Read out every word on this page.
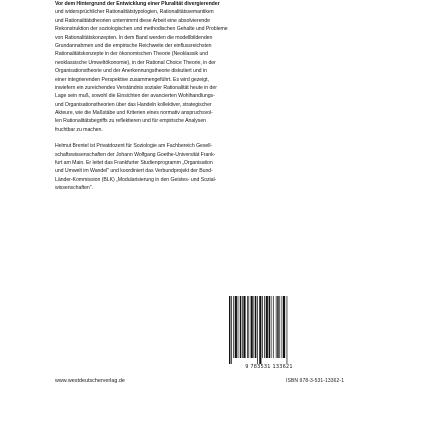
Vor dem Hintergrund der Entwicklung einer Pluralität divergierender
und widersprüchlicher Rationalitätstypologien, Rationalitätssemantiken
und Rationalitätstheorien unternimmt diese Arbeit eine absolvierende
Rekonstruktion der soziologischen und methodischen Gehalte und Probleme
von Rationalitätskonzepten. In dem Band werden die modellbildenden
Grundannahmen und die empirische Reichweite der einflussreichsten
Rationalitätskonzepte in der ökonomischen Theorie (Neoklassik und
neoklassische Umweltökonomie), in der Rational Choice Theorie, in der
Organisationstheorie und der Anerkennungstheorie diskutiert und in
einer integrierenden Perspektive zusammengeführt. Es wird gezeigt,
inwiefern ein zureichendes Verständnis sozialer Rationalität heute in der
Lage sein muß, sowohl die Einsichten der avancierten Wohlhandlungs-
und Organisationstheorien über das Handeln kollektiver, strategischer
Akteure, wie die Maßstäbe und Kriterien eines normativ anspruchsvol-
len Rationalitätsbegriffs zu reflektieren und für empirische Analysen
fruchtbar zu machen.
Helmut Brentel ist Privatdozent für Soziologie am Fachbereich Gesell-
schaftswissenschaften der Johann Wolfgang Goethe-Universität Frank-
furt am Main. Er leitet das Frankfurter Studienprogramm „Organisation
und Umwelt im Wandel" und koordiniert das Verbundprojekt der Bund-
Länder-Kommission (BLK) „Modularisierung in den Geistes- und Sozial-
wissenschaften".
9 783531 133621
www.westdeutscherverlag.de	ISBN 978-3-531-13362-1
